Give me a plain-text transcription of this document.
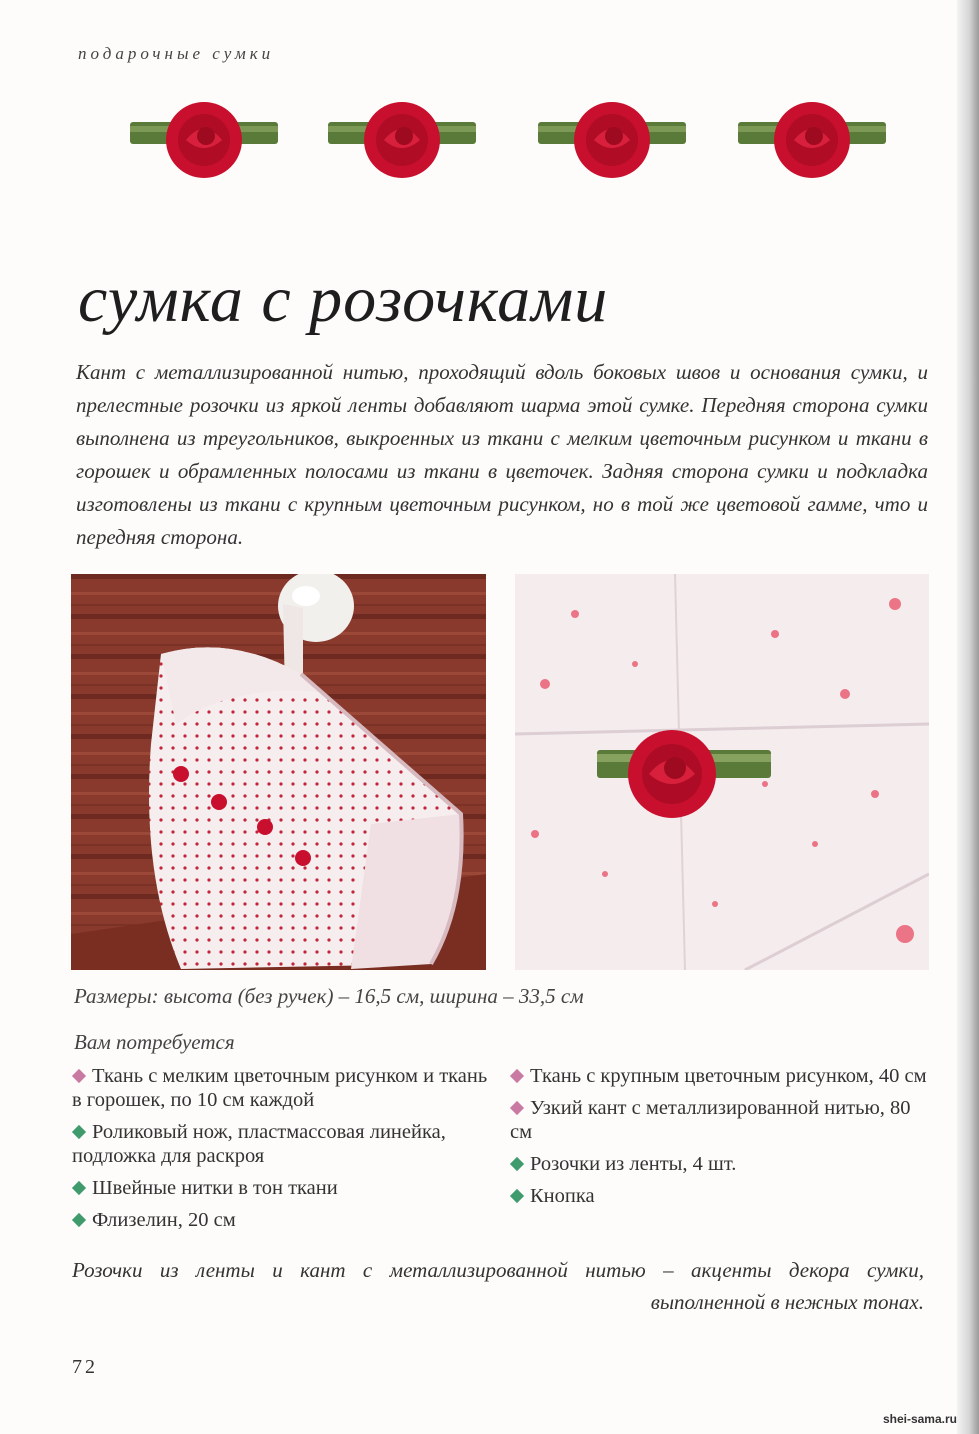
подарочные сумки
сумка с розочками

Кант с металлизированной нитью, проходящий вдоль боковых швов и основания сумки, и прелестные розочки из яркой ленты добавляют шарма этой сумке. Передняя сторона сумки выполнена из треугольников, выкроенных из ткани с мелким цветочным рисунком и ткани в горошек и обрамленных полосами из ткани в цветочек. Задняя сторона сумки и подкладка изготовлены из ткани с крупным цветочным рисунком, но в той же цветовой гамме, что и передняя сторона.

Размеры: высота (без ручек) – 16,5 см, ширина – 33,5 см
Вам потребуется
Ткань с мелким цветочным рисунком и ткань в горошек, по 10 см каждой
Роликовый нож, пластмассовая линейка, подложка для раскроя
Швейные нитки в тон ткани
Флизелин, 20 см
Ткань с крупным цветочным рисунком, 40 см
Узкий кант с металлизированной нитью, 80 см
Розочки из ленты, 4 шт.
Кнопка

Розочки из ленты и кант с металлизированной нитью – акценты декора сумки,
выполненной в нежных тонах.

72
shei-sama.ru
